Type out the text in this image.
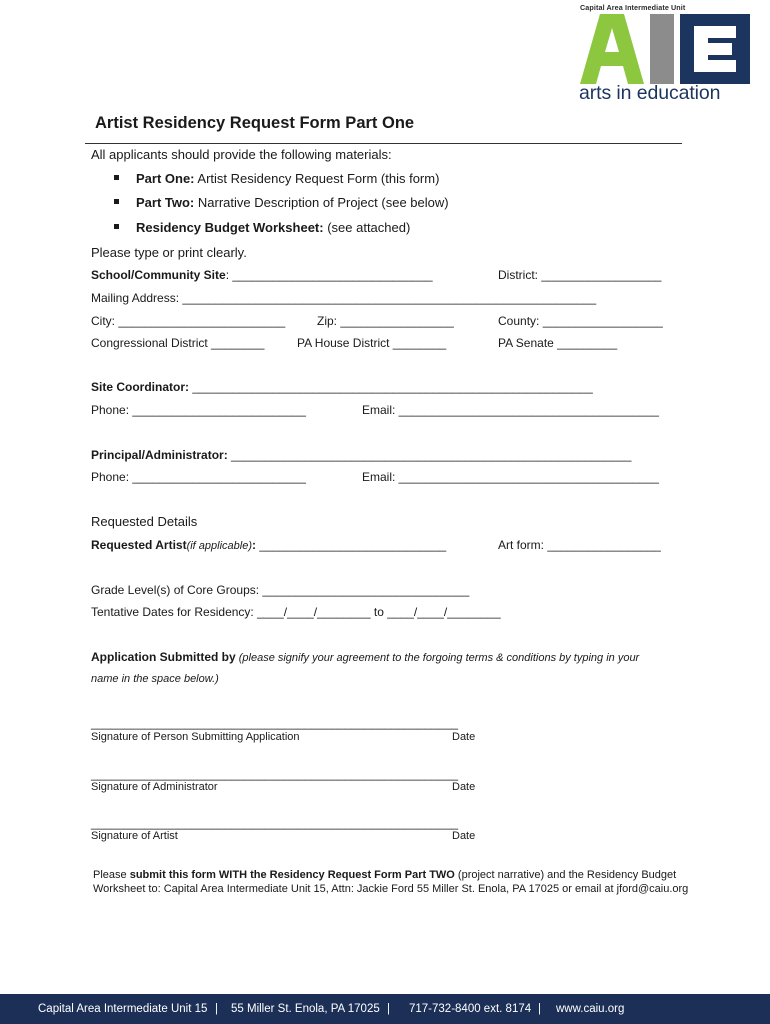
Capital Area Intermediate Unit
arts in education
Artist Residency Request Form Part One
All applicants should provide the following materials:
Part One: Artist Residency Request Form (this form)
Part Two: Narrative Description of Project (see below)
Residency Budget Worksheet: (see attached)
Please type or print clearly.
School/Community Site: ______________________________	District: __________________
Mailing Address: ______________________________________________________________
City: _________________________	Zip: _________________	County: __________________
Congressional District ________	PA House District ________	PA Senate _________
Site Coordinator: ____________________________________________________________
Phone: __________________________	Email: _______________________________________
Principal/Administrator: ____________________________________________________________
Phone: __________________________	Email: _______________________________________
Requested Details
Requested Artist(if applicable): ____________________________	Art form: _________________
Grade Level(s) of Core Groups: _______________________________
Tentative Dates for Residency: ____/____/________ to ____/____/________
Application Submitted by (please signify your agreement to the forgoing terms & conditions by typing in your
name in the space below.)
_______________________________________________________
Signature of Person Submitting Application	Date
_______________________________________________________
Signature of Administrator	Date
_______________________________________________________
Signature of Artist	Date
Please submit this form WITH the Residency Request Form Part TWO (project narrative) and the Residency Budget
Worksheet to: Capital Area Intermediate Unit 15, Attn: Jackie Ford 55 Miller St. Enola, PA 17025 or email at jford@caiu.org
Capital Area Intermediate Unit 15 | 55 Miller St. Enola, PA 17025 | 717-732-8400 ext. 8174 | www.caiu.org
